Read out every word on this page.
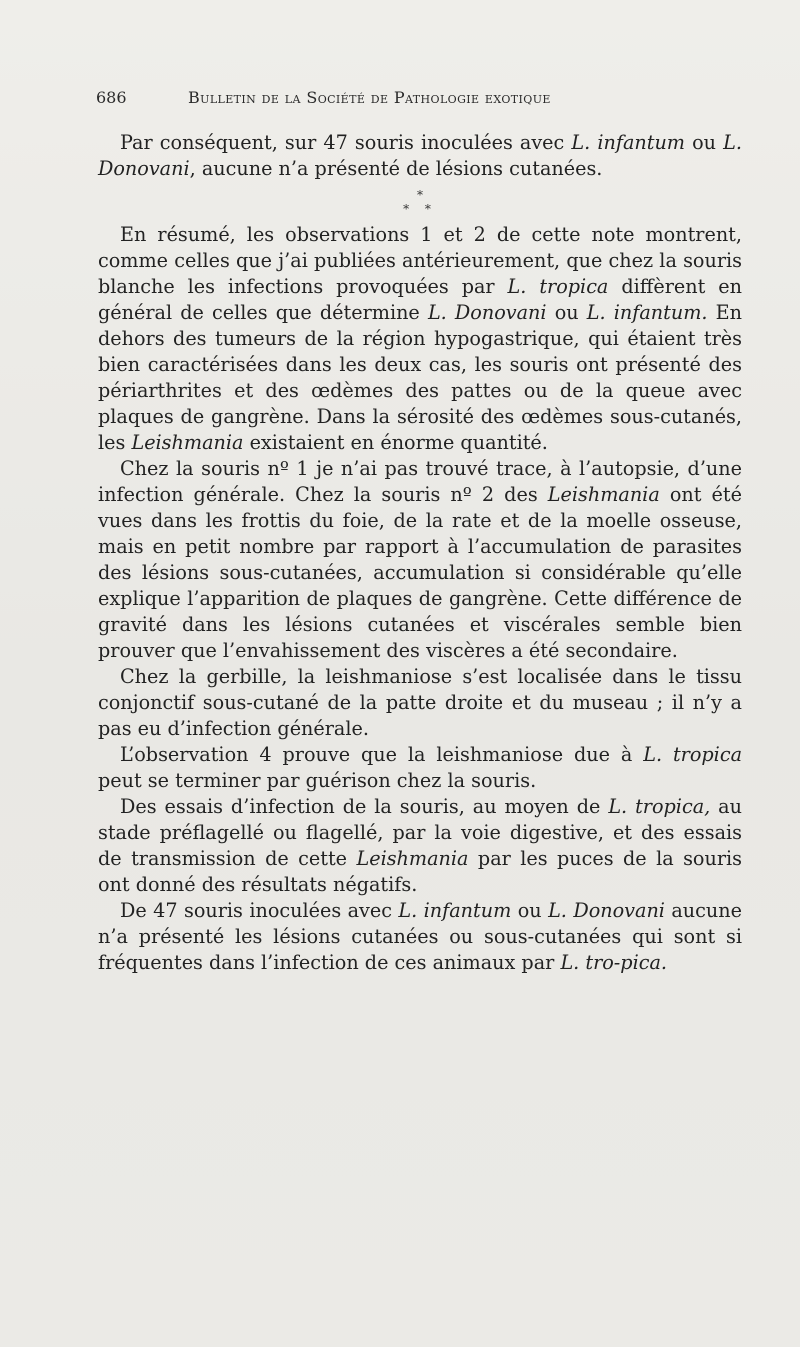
686	Bulletin de la Société de Pathologie exotique

Par conséquent, sur 47 souris inoculées avec L. infantum ou L. Donovani, aucune n’a présenté de lésions cutanées.

*
* *

En résumé, les observations 1 et 2 de cette note montrent, comme celles que j’ai publiées antérieurement, que chez la souris blanche les infections provoquées par L. tropica diffèrent en général de celles que détermine L. Donovani ou L. infantum. En dehors des tumeurs de la région hypogastrique, qui étaient très bien caractérisées dans les deux cas, les souris ont présenté des périarthrites et des œdèmes des pattes ou de la queue avec plaques de gangrène. Dans la sérosité des œdèmes sous-cutanés, les Leishmania existaient en énorme quantité.

Chez la souris nº 1 je n’ai pas trouvé trace, à l’autopsie, d’une infection générale. Chez la souris nº 2 des Leishmania ont été vues dans les frottis du foie, de la rate et de la moelle osseuse, mais en petit nombre par rapport à l’accumulation de parasites des lésions sous-cutanées, accumulation si considérable qu’elle explique l’apparition de plaques de gangrène. Cette différence de gravité dans les lésions cutanées et viscérales semble bien prouver que l’envahissement des viscères a été secondaire.

Chez la gerbille, la leishmaniose s’est localisée dans le tissu conjonctif sous-cutané de la patte droite et du museau ; il n’y a pas eu d’infection générale.

L’observation 4 prouve que la leishmaniose due à L. tropica peut se terminer par guérison chez la souris.

Des essais d’infection de la souris, au moyen de L. tropica, au stade préflagellé ou flagellé, par la voie digestive, et des essais de transmission de cette Leishmania par les puces de la souris ont donné des résultats négatifs.

De 47 souris inoculées avec L. infantum ou L. Donovani aucune n’a présenté les lésions cutanées ou sous-cutanées qui sont si fréquentes dans l’infection de ces animaux par L. tro-pica.
